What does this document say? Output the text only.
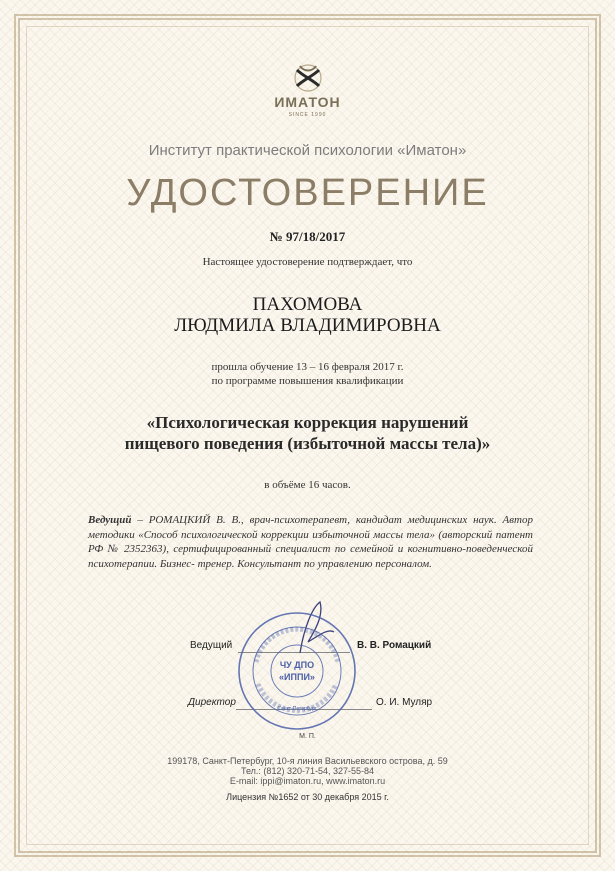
ИМАТОН
SINCE 1990
Институт практической психологии «Иматон»
УДОСТОВЕРЕНИЕ
№ 97/18/2017
Настоящее удостоверение подтверждает, что
ПАХОМОВА
ЛЮДМИЛА ВЛАДИМИРОВНА
прошла обучение 13 – 16 февраля 2017 г.
по программе повышения квалификации
«Психологическая коррекция нарушений
пищевого поведения (избыточной массы тела)»
в объёме 16 часов.
Ведущий – РОМАЦКИЙ В. В., врач-психотерапевт, кандидат медицинских наук. Автор методики «Способ психологической коррекции избыточной массы тела» (авторский патент РФ № 2352363), сертифицированный специалист по семейной и когнитивно-поведенческой психотерапии. Бизнес- тренер. Консультант по управлению персоналом.
Ведущий	В. В. Ромацкий
Директор	О. И. Муляр
ЧУ ДПО
«ИППИ»
Санкт-Петербург
М. П.
199178, Санкт-Петербург, 10-я линия Васильевского острова, д. 59
Тел.: (812) 320-71-54, 327-55-84
E-mail: ippi@imaton.ru, www.imaton.ru
Лицензия №1652 от 30 декабря 2015 г.
